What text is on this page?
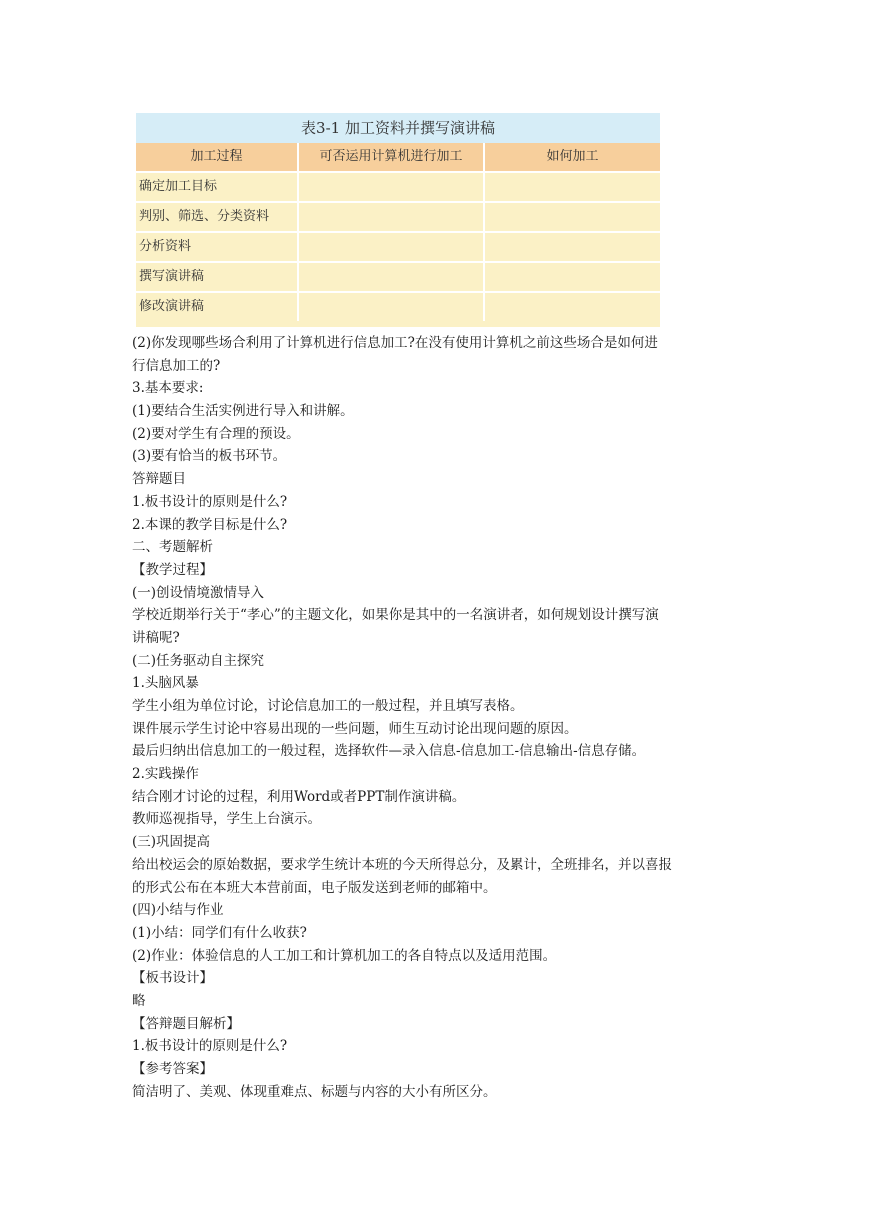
表3-1 加工资料并撰写演讲稿
加工过程	可否运用计算机进行加工	如何加工
确定加工目标
判别、筛选、分类资料
分析资料
撰写演讲稿
修改演讲稿
(2)你发现哪些场合利用了计算机进行信息加工?在没有使用计算机之前这些场合是如何进
行信息加工的?
3.基本要求:
(1)要结合生活实例进行导入和讲解。
(2)要对学生有合理的预设。
(3)要有恰当的板书环节。
答辩题目
1.板书设计的原则是什么?
2.本课的教学目标是什么?
二、考题解析
【教学过程】
(一)创设情境激情导入
学校近期举行关于“孝心”的主题文化，如果你是其中的一名演讲者，如何规划设计撰写演
讲稿呢?
(二)任务驱动自主探究
1.头脑风暴
学生小组为单位讨论，讨论信息加工的一般过程，并且填写表格。
课件展示学生讨论中容易出现的一些问题，师生互动讨论出现问题的原因。
最后归纳出信息加工的一般过程，选择软件—录入信息-信息加工-信息输出-信息存储。
2.实践操作
结合刚才讨论的过程，利用Word或者PPT制作演讲稿。
教师巡视指导，学生上台演示。
(三)巩固提高
给出校运会的原始数据，要求学生统计本班的今天所得总分，及累计，全班排名，并以喜报
的形式公布在本班大本营前面，电子版发送到老师的邮箱中。
(四)小结与作业
(1)小结：同学们有什么收获?
(2)作业：体验信息的人工加工和计算机加工的各自特点以及适用范围。
【板书设计】
略
【答辩题目解析】
1.板书设计的原则是什么?
【参考答案】
简洁明了、美观、体现重难点、标题与内容的大小有所区分。
